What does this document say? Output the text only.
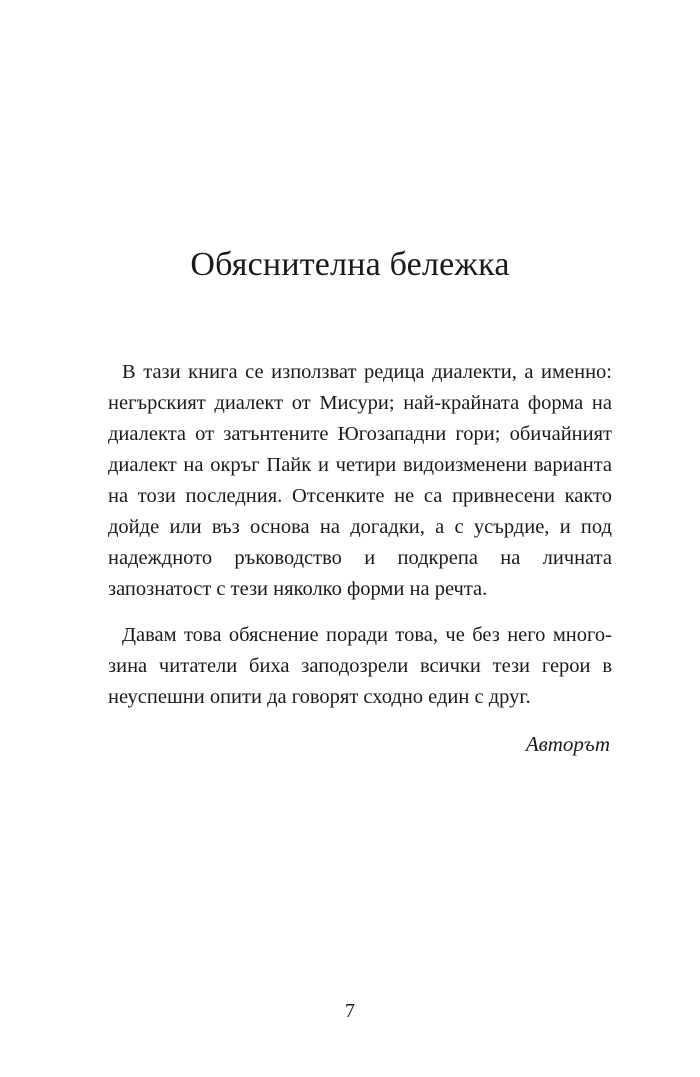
Обяснителна бележка

В тази книга се използват редица диалекти, а именно: негърският диалект от Мисури; най-крайната форма на диалекта от затънтените Югозападни гори; обичайният диалект на окръг Пайк и четири видоизменени варианта на този последния. Отсенките не са привнесени както дойде или въз основа на догадки, а с усърдие, и под надеждното ръководство и подкрепа на личната запознатост с тези няколко форми на речта.

Давам това обяснение поради това, че без него многозина читатели биха заподозрели всички тези герои в неуспешни опити да говорят сходно един с друг.

Авторът

7
